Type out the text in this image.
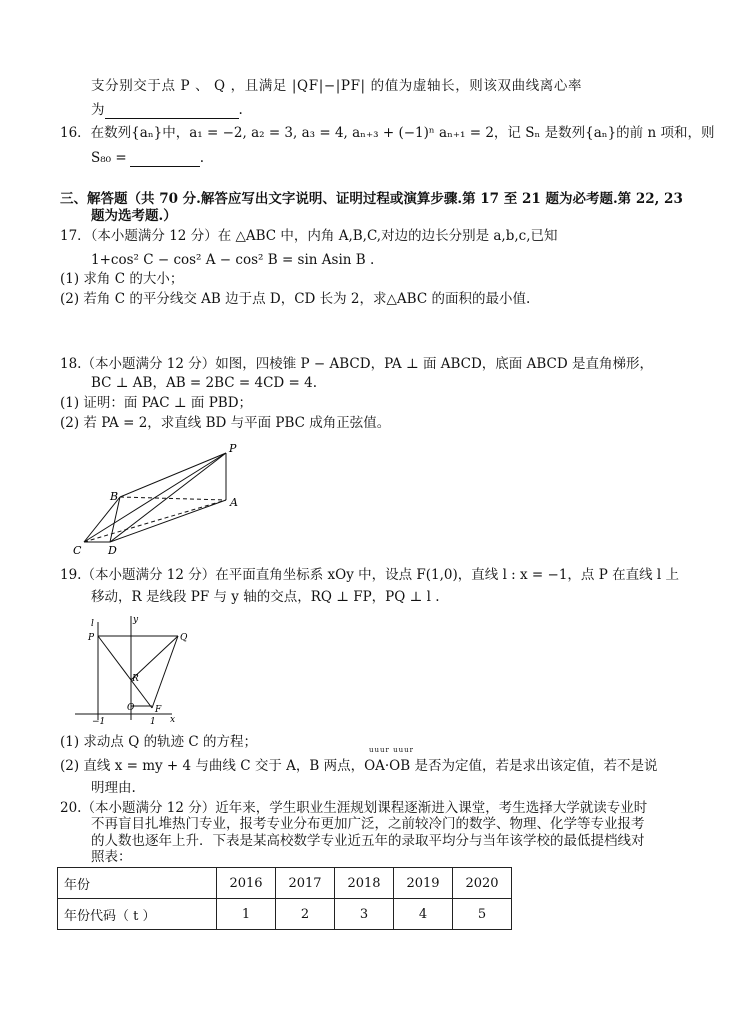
支分别交于点 P 、 Q ，且满足 |QF|−|PF| 的值为虚轴长，则该双曲线离心率
为	.
16．在数列{aₙ}中，a₁ = −2, a₂ = 3, a₃ = 4, aₙ₊₃ + (−1)ⁿ aₙ₊₁ = 2，记 Sₙ 是数列{aₙ}的前 n 项和，则
S₈₀ =	.
三、解答题（共 70 分.解答应写出文字说明、证明过程或演算步骤.第 17 至 21 题为必考题.第 22, 23
题为选考题.）
17．（本小题满分 12 分）在 △ABC 中，内角 A,B,C,对边的边长分别是 a,b,c,已知
1+cos² C − cos² A − cos² B = sin Asin B .
(1) 求角 C 的大小；
(2) 若角 C 的平分线交 AB 边于点 D，CD 长为 2，求△ABC 的面积的最小值.
18.（本小题满分 12 分）如图，四棱锥 P − ABCD，PA ⊥ 面 ABCD，底面 ABCD 是直角梯形，
BC ⊥ AB，AB = 2BC = 4CD = 4.
(1) 证明：面 PAC ⊥ 面 PBD；
(2) 若 PA = 2，求直线 BD 与平面 PBC 成角正弦值。
P
B	A
C D
19.（本小题满分 12 分）在平面直角坐标系 xOy 中，设点 F(1,0)，直线 l : x = −1，点 P 在直线 l 上
移动，R 是线段 PF 与 y 轴的交点，RQ ⊥ FP，PQ ⊥ l .
l	y
P	Q
R
O F
−1	1 x
(1) 求动点 Q 的轨迹 C 的方程；	uuur uuur
(2) 直线 x = my + 4 与曲线 C 交于 A，B 两点，OA·OB 是否为定值，若是求出该定值，若不是说
明理由.
20.（本小题满分 12 分）近年来，学生职业生涯规划课程逐渐进入课堂，考生选择大学就读专业时
不再盲目扎堆热门专业，报考专业分布更加广泛，之前较冷门的数学、物理、化学等专业报考
的人数也逐年上升．下表是某高校数学专业近五年的录取平均分与当年该学校的最低提档线对
照表：
年份	2016	2017	2018	2019	2020
年份代码（ t ）	1	2	3	4	5
